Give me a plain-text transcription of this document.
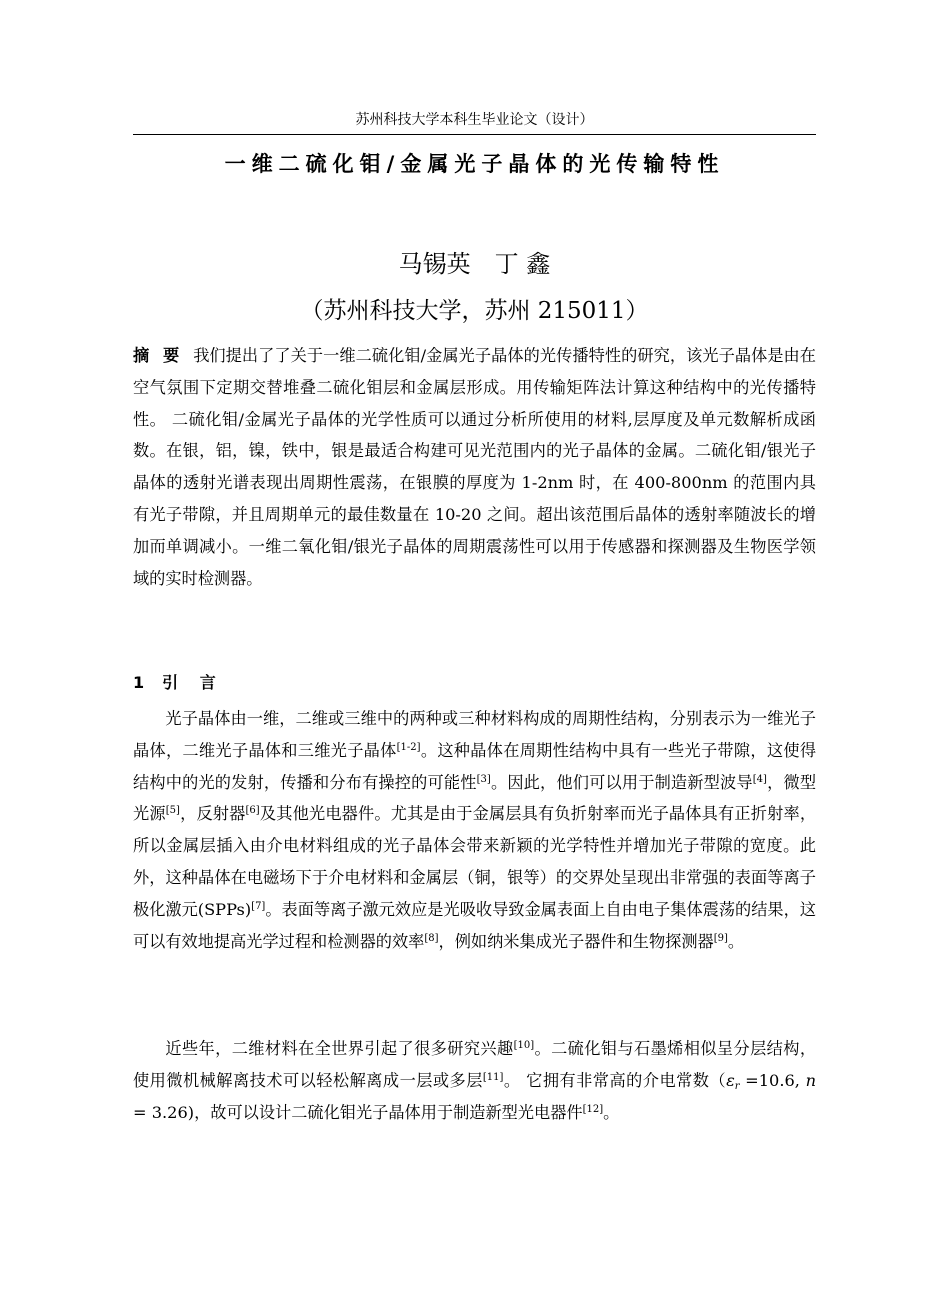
苏州科技大学本科生毕业论文（设计）
一维二硫化钼/金属光子晶体的光传输特性
马锡英　丁 鑫
（苏州科技大学，苏州 215011）
摘 要 我们提出了了关于一维二硫化钼/金属光子晶体的光传播特性的研究，该光子晶体是由在空气氛围下定期交替堆叠二硫化钼层和金属层形成。用传输矩阵法计算这种结构中的光传播特性。 二硫化钼/金属光子晶体的光学性质可以通过分析所使用的材料,层厚度及单元数解析成函数。在银，铝，镍，铁中，银是最适合构建可见光范围内的光子晶体的金属。二硫化钼/银光子晶体的透射光谱表现出周期性震荡，在银膜的厚度为 1-2nm 时，在 400-800nm 的范围内具有光子带隙，并且周期单元的最佳数量在 10-20 之间。超出该范围后晶体的透射率随波长的增加而单调减小。一维二氧化钼/银光子晶体的周期震荡性可以用于传感器和探测器及生物医学领域的实时检测器。
1 引 言
光子晶体由一维，二维或三维中的两种或三种材料构成的周期性结构，分别表示为一维光子晶体，二维光子晶体和三维光子晶体[1-2]。这种晶体在周期性结构中具有一些光子带隙，这使得结构中的光的发射，传播和分布有操控的可能性[3]。因此，他们可以用于制造新型波导[4]，微型光源[5]，反射器[6]及其他光电器件。尤其是由于金属层具有负折射率而光子晶体具有正折射率，所以金属层插入由介电材料组成的光子晶体会带来新颖的光学特性并增加光子带隙的宽度。此外，这种晶体在电磁场下于介电材料和金属层（铜，银等）的交界处呈现出非常强的表面等离子极化激元(SPPs)[7]。表面等离子激元效应是光吸收导致金属表面上自由电子集体震荡的结果，这可以有效地提高光学过程和检测器的效率[8]，例如纳米集成光子器件和生物探测器[9]。
近些年，二维材料在全世界引起了很多研究兴趣[10]。二硫化钼与石墨烯相似呈分层结构，使用微机械解离技术可以轻松解离成一层或多层[11]。 它拥有非常高的介电常数（$\varepsilon_r =10.6$, n = 3.26)，故可以设计二硫化钼光子晶体用于制造新型光电器件[12]。
